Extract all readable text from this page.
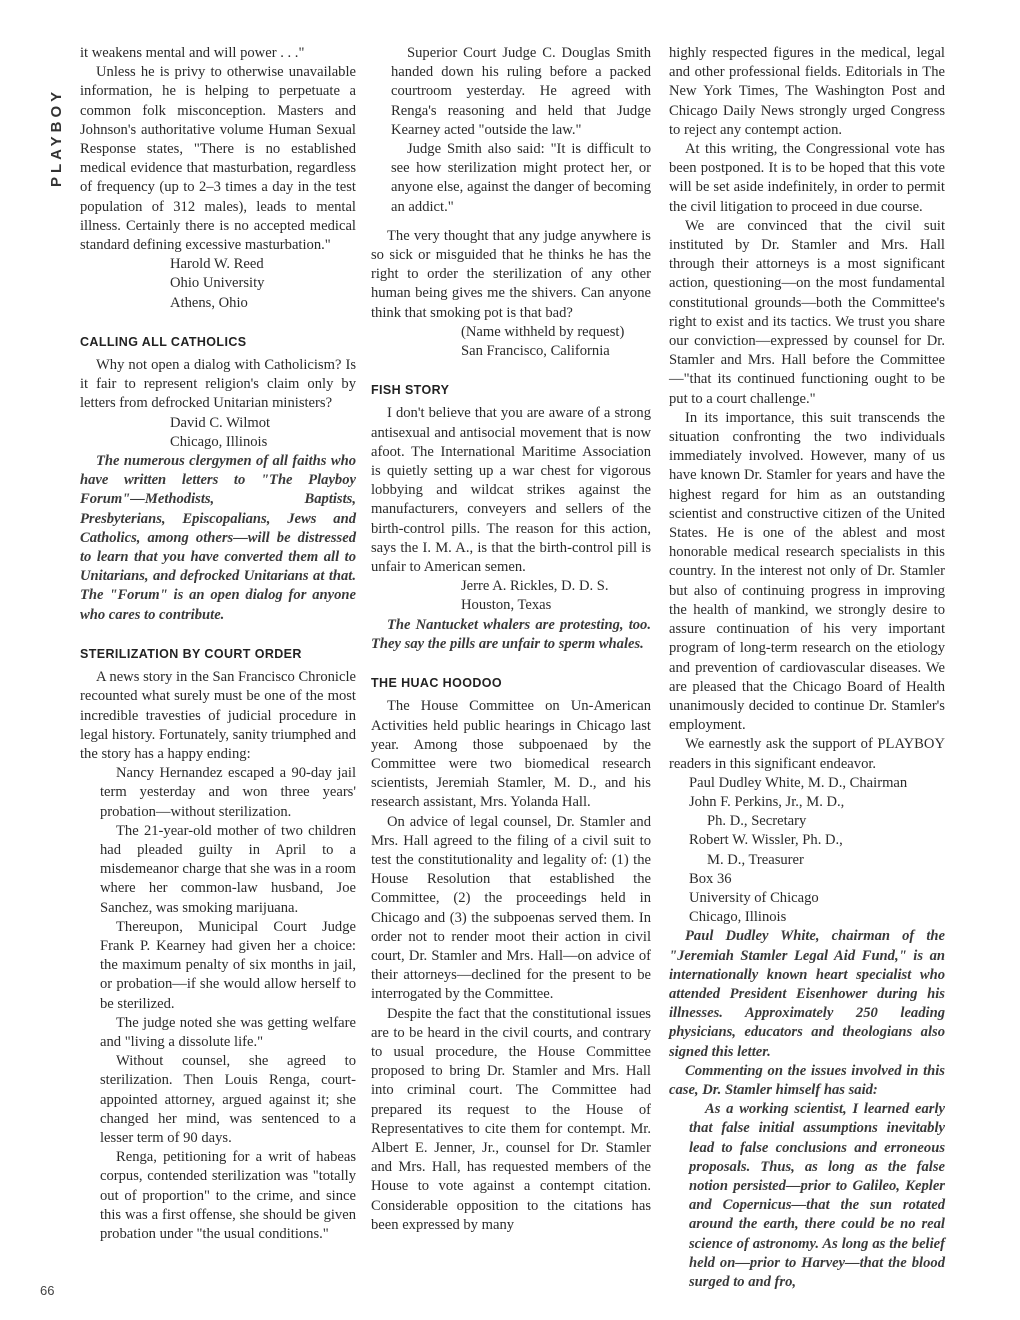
PLAYBOY
66

it weakens mental and will power . . ."

Unless he is privy to otherwise unavailable information, he is helping to perpetuate a common folk misconception. Masters and Johnson's authoritative volume Human Sexual Response states, "There is no established medical evidence that masturbation, regardless of frequency (up to 2–3 times a day in the test population of 312 males), leads to mental illness. Certainly there is no accepted medical standard defining excessive masturbation."

Harold W. Reed
Ohio University
Athens, Ohio
CALLING ALL CATHOLICS

Why not open a dialog with Catholicism? Is it fair to represent religion's claim only by letters from defrocked Unitarian ministers?

David C. Wilmot
Chicago, Illinois

The numerous clergymen of all faiths who have written letters to "The Playboy Forum"—Methodists, Baptists, Presbyterians, Episcopalians, Jews and Catholics, among others—will be distressed to learn that you have converted them all to Unitarians, and defrocked Unitarians at that. The "Forum" is an open dialog for anyone who cares to contribute.

STERILIZATION BY COURT ORDER

A news story in the San Francisco Chronicle recounted what surely must be one of the most incredible travesties of judicial procedure in legal history. Fortunately, sanity triumphed and the story has a happy ending:

Nancy Hernandez escaped a 90-day jail term yesterday and won three years' probation—without sterilization.

The 21-year-old mother of two children had pleaded guilty in April to a misdemeanor charge that she was in a room where her common-law husband, Joe Sanchez, was smoking marijuana.

Thereupon, Municipal Court Judge Frank P. Kearney had given her a choice: the maximum penalty of six months in jail, or probation—if she would allow herself to be sterilized.

The judge noted she was getting welfare and "living a dissolute life."

Without counsel, she agreed to sterilization. Then Louis Renga, court-appointed attorney, argued against it; she changed her mind, was sentenced to a lesser term of 90 days.

Renga, petitioning for a writ of habeas corpus, contended sterilization was "totally out of proportion" to the crime, and since this was a first offense, she should be given probation under "the usual conditions."

Superior Court Judge C. Douglas Smith handed down his ruling before a packed courtroom yesterday. He agreed with Renga's reasoning and held that Judge Kearney acted "outside the law."

Judge Smith also said: "It is difficult to see how sterilization might protect her, or anyone else, against the danger of becoming an addict."

The very thought that any judge anywhere is so sick or misguided that he thinks he has the right to order the sterilization of any other human being gives me the shivers. Can anyone think that smoking pot is that bad?

(Name withheld by request)
San Francisco, California
FISH STORY

I don't believe that you are aware of a strong antisexual and antisocial movement that is now afoot. The International Maritime Association is quietly setting up a war chest for vigorous lobbying and wildcat strikes against the manufacturers, conveyers and sellers of the birth-control pills. The reason for this action, says the I. M. A., is that the birth-control pill is unfair to American semen.

Jerre A. Rickles, D. D. S.
Houston, Texas

The Nantucket whalers are protesting, too. They say the pills are unfair to sperm whales.

THE HUAC HOODOO

The House Committee on Un-American Activities held public hearings in Chicago last year. Among those subpoenaed by the Committee were two biomedical research scientists, Jeremiah Stamler, M. D., and his research assistant, Mrs. Yolanda Hall.

On advice of legal counsel, Dr. Stamler and Mrs. Hall agreed to the filing of a civil suit to test the constitutionality and legality of: (1) the House Resolution that established the Committee, (2) the proceedings held in Chicago and (3) the subpoenas served them. In order not to render moot their action in civil court, Dr. Stamler and Mrs. Hall—on advice of their attorneys—declined for the present to be interrogated by the Committee.

Despite the fact that the constitutional issues are to be heard in the civil courts, and contrary to usual procedure, the House Committee proposed to bring Dr. Stamler and Mrs. Hall into criminal court. The Committee had prepared its request to the House of Representatives to cite them for contempt. Mr. Albert E. Jenner, Jr., counsel for Dr. Stamler and Mrs. Hall, has requested members of the House to vote against a contempt citation. Considerable opposition to the citations has been expressed by many

highly respected figures in the medical, legal and other professional fields. Editorials in The New York Times, The Washington Post and Chicago Daily News strongly urged Congress to reject any contempt action.

At this writing, the Congressional vote has been postponed. It is to be hoped that this vote will be set aside indefinitely, in order to permit the civil litigation to proceed in due course.

We are convinced that the civil suit instituted by Dr. Stamler and Mrs. Hall through their attorneys is a most significant action, questioning—on the most fundamental constitutional grounds—both the Committee's right to exist and its tactics. We trust you share our conviction—expressed by counsel for Dr. Stamler and Mrs. Hall before the Committee—"that its continued functioning ought to be put to a court challenge."

In its importance, this suit transcends the situation confronting the two individuals immediately involved. However, many of us have known Dr. Stamler for years and have the highest regard for him as an outstanding scientist and constructive citizen of the United States. He is one of the ablest and most honorable medical research specialists in this country. In the interest not only of Dr. Stamler but also of continuing progress in improving the health of mankind, we strongly desire to assure continuation of his very important program of long-term research on the etiology and prevention of cardiovascular diseases. We are pleased that the Chicago Board of Health unanimously decided to continue Dr. Stamler's employment.

We earnestly ask the support of PLAYBOY readers in this significant endeavor.

Paul Dudley White, M. D., Chairman
John F. Perkins, Jr., M. D.,
Ph. D., Secretary
Robert W. Wissler, Ph. D.,
M. D., Treasurer
Box 36
University of Chicago
Chicago, Illinois

Paul Dudley White, chairman of the "Jeremiah Stamler Legal Aid Fund," is an internationally known heart specialist who attended President Eisenhower during his illnesses. Approximately 250 leading physicians, educators and theologians also signed this letter.

Commenting on the issues involved in this case, Dr. Stamler himself has said:

As a working scientist, I learned early that false initial assumptions inevitably lead to false conclusions and erroneous proposals. Thus, as long as the false notion persisted—prior to Galileo, Kepler and Copernicus—that the sun rotated around the earth, there could be no real science of astronomy. As long as the belief held on—prior to Harvey—that the blood surged to and fro,
